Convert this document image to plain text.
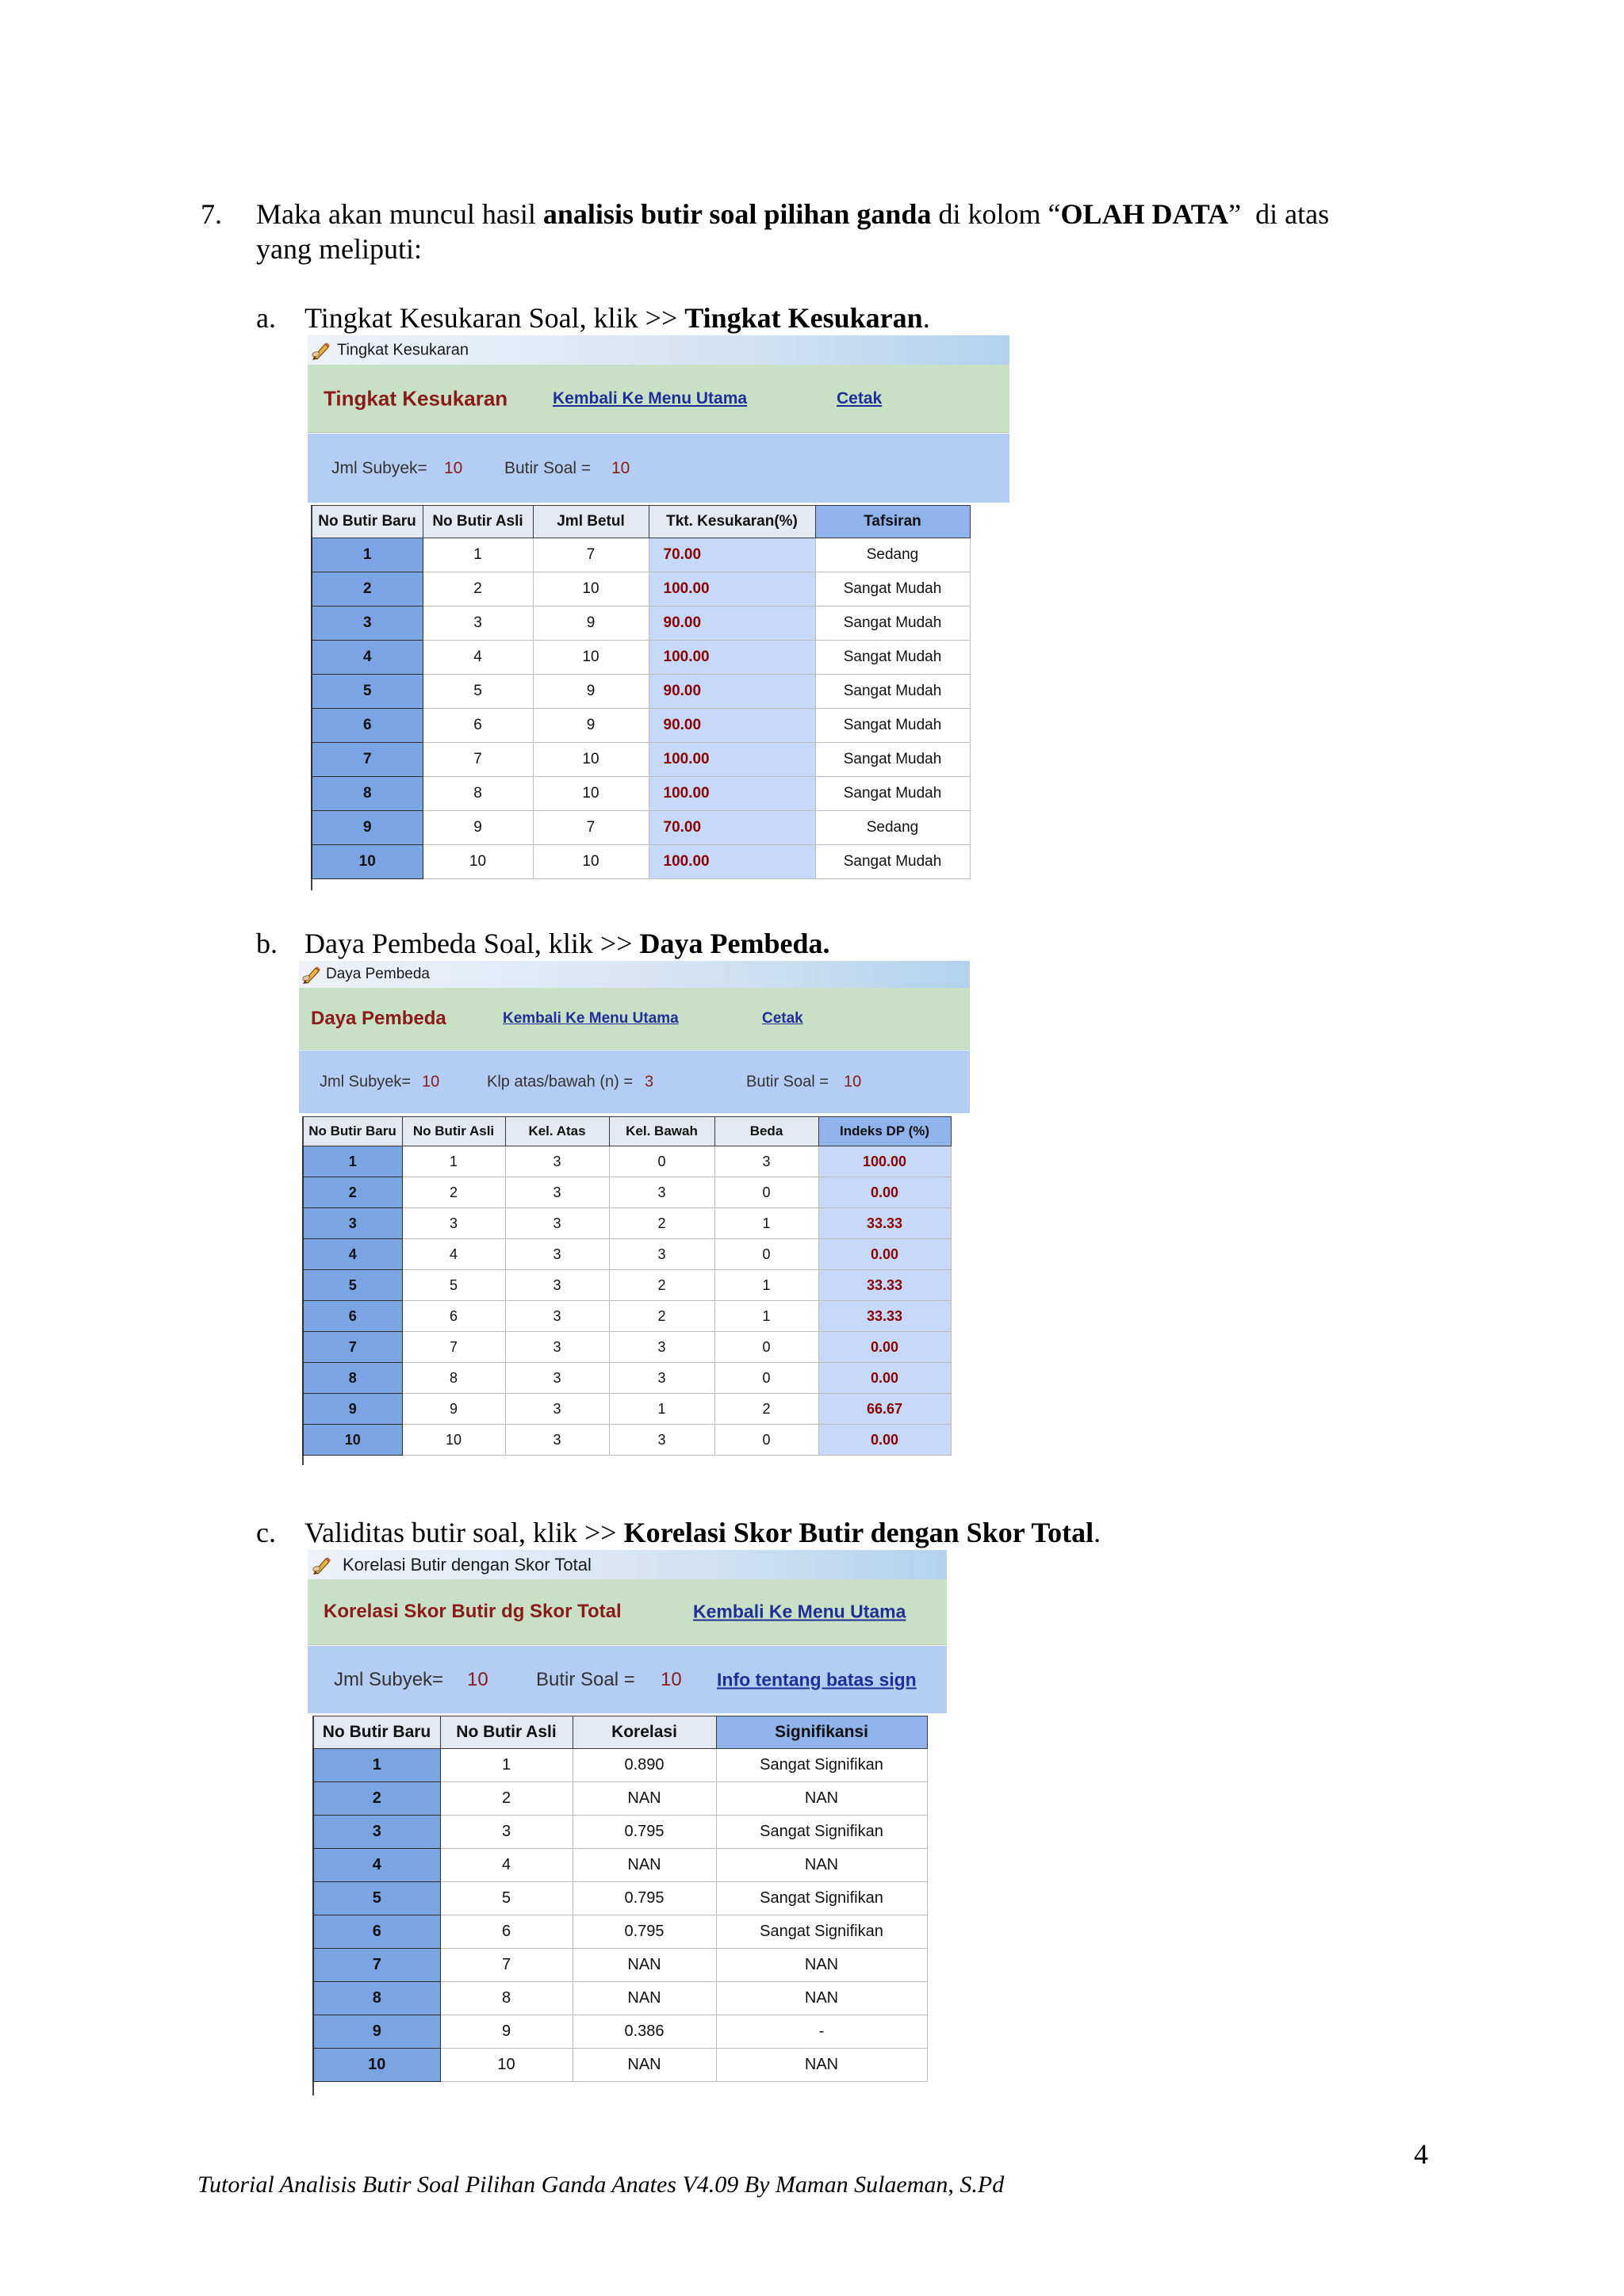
7. Maka akan muncul hasil analisis butir soal pilihan ganda di kolom “OLAH DATA”  di atas
yang meliputi:
a. Tingkat Kesukaran Soal, klik >> Tingkat Kesukaran.
Tingkat Kesukaran
Tingkat Kesukaran	Kembali Ke Menu Utama	Cetak
Jml Subyek= 10	Butir Soal = 10
No Butir Baru	No Butir Asli	Jml Betul	Tkt. Kesukaran(%)	Tafsiran
1	1	7	70.00	Sedang
2	2	10	100.00	Sangat Mudah
3	3	9	90.00	Sangat Mudah
4	4	10	100.00	Sangat Mudah
5	5	9	90.00	Sangat Mudah
6	6	9	90.00	Sangat Mudah
7	7	10	100.00	Sangat Mudah
8	8	10	100.00	Sangat Mudah
9	9	7	70.00	Sedang
10	10	10	100.00	Sangat Mudah
b. Daya Pembeda Soal, klik >> Daya Pembeda.
Daya Pembeda
Daya Pembeda	Kembali Ke Menu Utama	Cetak
Jml Subyek= 10	Klp atas/bawah (n) = 3	Butir Soal = 10
No Butir Baru	No Butir Asli	Kel. Atas	Kel. Bawah	Beda	Indeks DP (%)
1	1	3	0	3	100.00
2	2	3	3	0	0.00
3	3	3	2	1	33.33
4	4	3	3	0	0.00
5	5	3	2	1	33.33
6	6	3	2	1	33.33
7	7	3	3	0	0.00
8	8	3	3	0	0.00
9	9	3	1	2	66.67
10	10	3	3	0	0.00
c. Validitas butir soal, klik >> Korelasi Skor Butir dengan Skor Total.
Korelasi Butir dengan Skor Total
Korelasi Skor Butir dg Skor Total	Kembali Ke Menu Utama
Jml Subyek= 10	Butir Soal = 10 Info tentang batas sign
No Butir Baru	No Butir Asli	Korelasi	Signifikansi
1	1	0.890	Sangat Signifikan
2	2	NAN	NAN
3	3	0.795	Sangat Signifikan
4	4	NAN	NAN
5	5	0.795	Sangat Signifikan
6	6	0.795	Sangat Signifikan
7	7	NAN	NAN
8	8	NAN	NAN
9	9	0.386	-
10	10	NAN	NAN
4
Tutorial Analisis Butir Soal Pilihan Ganda Anates V4.09 By Maman Sulaeman, S.Pd
